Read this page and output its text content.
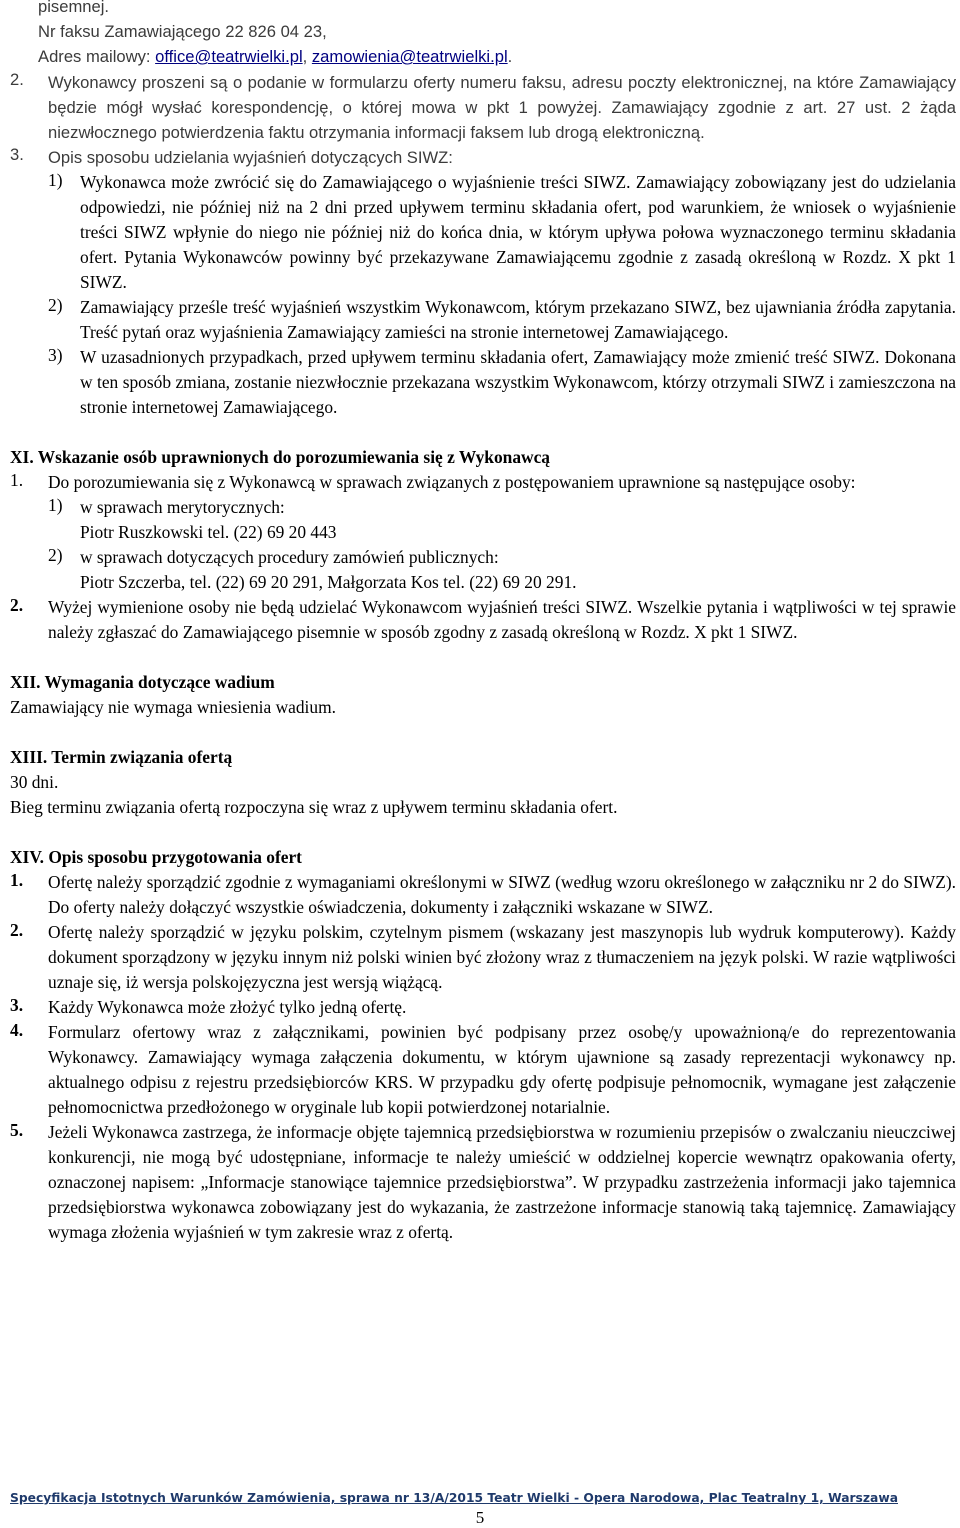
pisemnej.

Nr faksu Zamawiającego 22 826 04 23,

Adres mailowy: office@teatrwielki.pl, zamowienia@teatrwielki.pl.

2.	Wykonawcy proszeni są o podanie w formularzu oferty numeru faksu, adresu poczty elektronicznej, na które Zamawiający będzie mógł wysłać korespondencję, o której mowa w pkt 1 powyżej. Zamawiający zgodnie z art. 27 ust. 2 żąda niezwłocznego potwierdzenia faktu otrzymania informacji faksem lub drogą elektroniczną.

3.	Opis sposobu udzielania wyjaśnień dotyczących SIWZ:

1)	Wykonawca może zwrócić się do Zamawiającego o wyjaśnienie treści SIWZ. Zamawiający zobowiązany jest do udzielania odpowiedzi, nie później niż na 2 dni przed upływem terminu składania ofert, pod warunkiem, że wniosek o wyjaśnienie treści SIWZ wpłynie do niego nie później niż do końca dnia, w którym upływa połowa wyznaczonego terminu składania ofert. Pytania Wykonawców powinny być przekazywane Zamawiającemu zgodnie z zasadą określoną w Rozdz. X pkt 1 SIWZ.

2)	Zamawiający prześle treść wyjaśnień wszystkim Wykonawcom, którym przekazano SIWZ, bez ujawniania źródła zapytania. Treść pytań oraz wyjaśnienia Zamawiający zamieści na stronie internetowej Zamawiającego.

3)	W uzasadnionych przypadkach, przed upływem terminu składania ofert, Zamawiający może zmienić treść SIWZ. Dokonana w ten sposób zmiana, zostanie niezwłocznie przekazana wszystkim Wykonawcom, którzy otrzymali SIWZ i zamieszczona na stronie internetowej Zamawiającego.

XI. Wskazanie osób uprawnionych do porozumiewania się z Wykonawcą

1.	Do porozumiewania się z Wykonawcą w sprawach związanych z postępowaniem uprawnione są następujące osoby:

1)	w sprawach merytorycznych:

Piotr Ruszkowski tel. (22) 69 20 443

2)	w sprawach dotyczących procedury zamówień publicznych:

Piotr Szczerba, tel. (22) 69 20 291, Małgorzata Kos tel. (22) 69 20 291.

2.	Wyżej wymienione osoby nie będą udzielać Wykonawcom wyjaśnień treści SIWZ. Wszelkie pytania i wątpliwości w tej sprawie należy zgłaszać do Zamawiającego pisemnie w sposób zgodny z zasadą określoną w Rozdz. X pkt 1 SIWZ.

XII. Wymagania dotyczące wadium

Zamawiający nie wymaga wniesienia wadium.

XIII. Termin związania ofertą

30 dni.

Bieg terminu związania ofertą rozpoczyna się wraz z upływem terminu składania ofert.

XIV. Opis sposobu przygotowania ofert

1.	Ofertę należy sporządzić zgodnie z wymaganiami określonymi w SIWZ (według wzoru określonego w załączniku nr 2 do SIWZ). Do oferty należy dołączyć wszystkie oświadczenia, dokumenty i załączniki wskazane w SIWZ.

2.	Ofertę należy sporządzić w języku polskim, czytelnym pismem (wskazany jest maszynopis lub wydruk komputerowy). Każdy dokument sporządzony w języku innym niż polski winien być złożony wraz z tłumaczeniem na język polski. W razie wątpliwości uznaje się, iż wersja polskojęzyczna jest wersją wiążącą.

3.	Każdy Wykonawca może złożyć tylko jedną ofertę.

4.	Formularz ofertowy wraz z załącznikami, powinien być podpisany przez osobę/y upoważnioną/e do reprezentowania Wykonawcy. Zamawiający wymaga załączenia dokumentu, w którym ujawnione są zasady reprezentacji wykonawcy np. aktualnego odpisu z rejestru przedsiębiorców KRS. W przypadku gdy ofertę podpisuje pełnomocnik, wymagane jest załączenie pełnomocnictwa przedłożonego w oryginale lub kopii potwierdzonej notarialnie.

5.	Jeżeli Wykonawca zastrzega, że informacje objęte tajemnicą przedsiębiorstwa w rozumieniu przepisów o zwalczaniu nieuczciwej konkurencji, nie mogą być udostępniane, informacje te należy umieścić w oddzielnej kopercie wewnątrz opakowania oferty, oznaczonej napisem: „Informacje stanowiące tajemnice przedsiębiorstwa”. W przypadku zastrzeżenia informacji jako tajemnica przedsiębiorstwa wykonawca zobowiązany jest do wykazania, że zastrzeżone informacje stanowią taką tajemnicę. Zamawiający wymaga złożenia wyjaśnień w tym zakresie wraz z ofertą.

Specyfikacja Istotnych Warunków Zamówienia, sprawa nr 13/A/2015 Teatr Wielki - Opera Narodowa, Plac Teatralny 1, Warszawa
5
